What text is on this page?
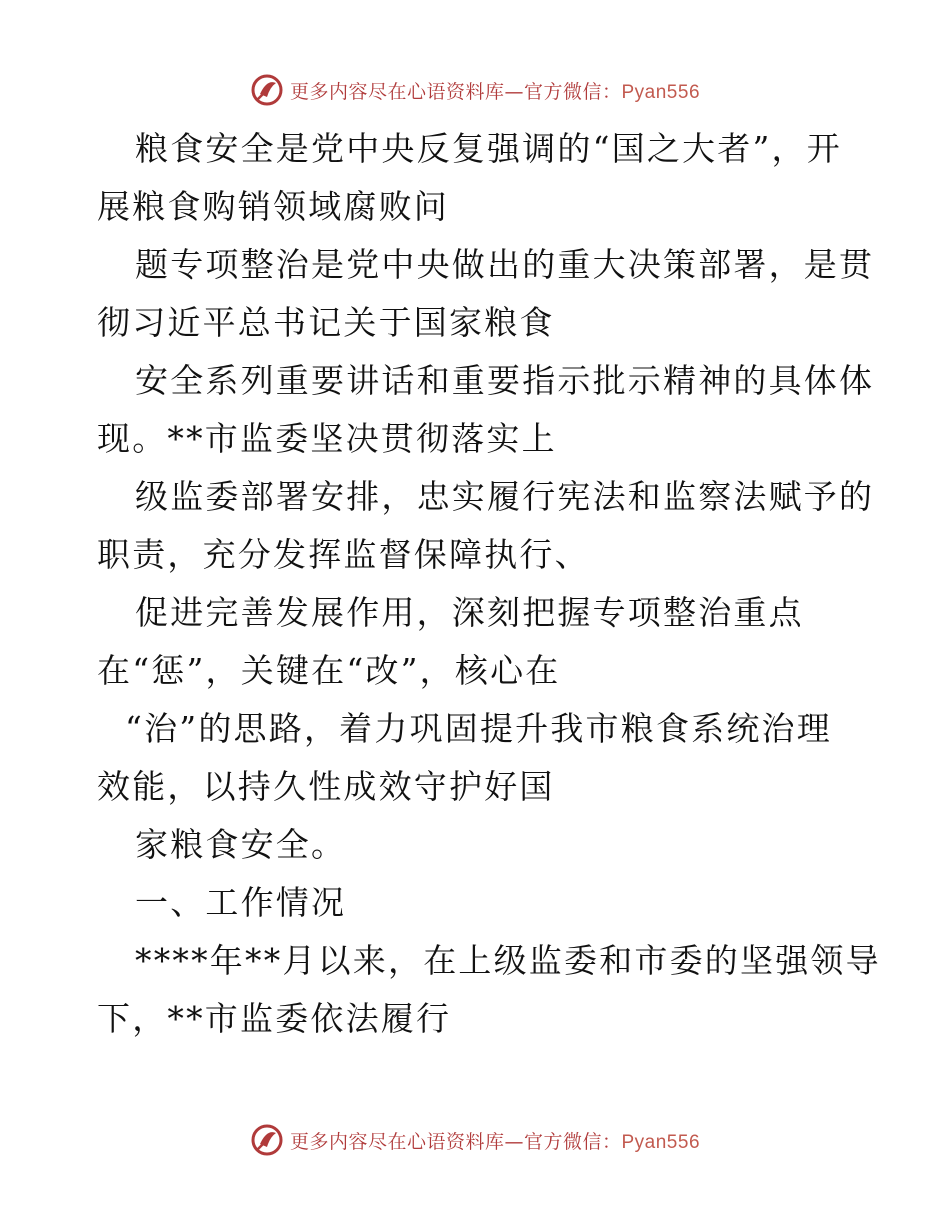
更多内容尽在心语资料库—官方微信：Pyan556
粮食安全是党中央反复强调的“国之大者”，开
展粮食购销领域腐败问
题专项整治是党中央做出的重大决策部署，是贯
彻习近平总书记关于国家粮食
安全系列重要讲话和重要指示批示精神的具体体
现。**市监委坚决贯彻落实上
级监委部署安排，忠实履行宪法和监察法赋予的
职责，充分发挥监督保障执行、
促进完善发展作用，深刻把握专项整治重点
在“惩”，关键在“改”，核心在
“治”的思路，着力巩固提升我市粮食系统治理
效能，以持久性成效守护好国
家粮食安全。
一、工作情况
****年**月以来，在上级监委和市委的坚强领导
下，**市监委依法履行
更多内容尽在心语资料库—官方微信：Pyan556
